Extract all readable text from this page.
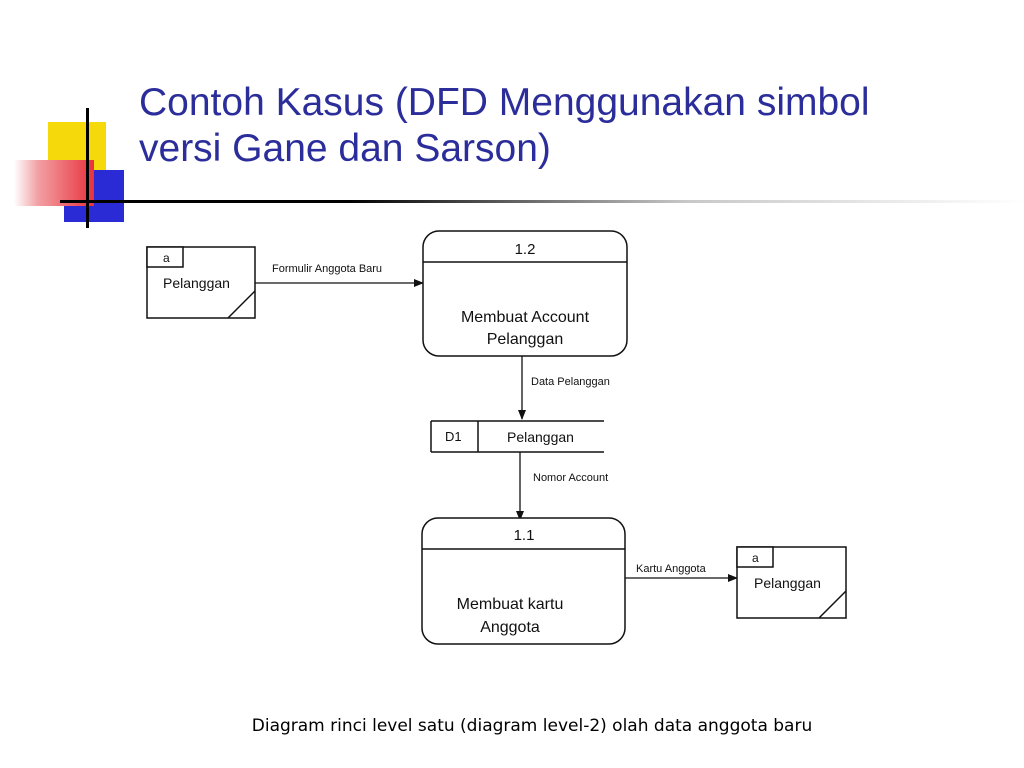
Contoh Kasus (DFD Menggunakan simbol
versi Gane dan Sarson)
a
Pelanggan
Formulir Anggota Baru
1.2
Membuat Account
Pelanggan
Data Pelanggan
D1	Pelanggan
Nomor Account
1.1
Membuat kartu
Anggota
Kartu Anggota
a
Pelanggan

Diagram rinci level satu (diagram level-2) olah data anggota baru
